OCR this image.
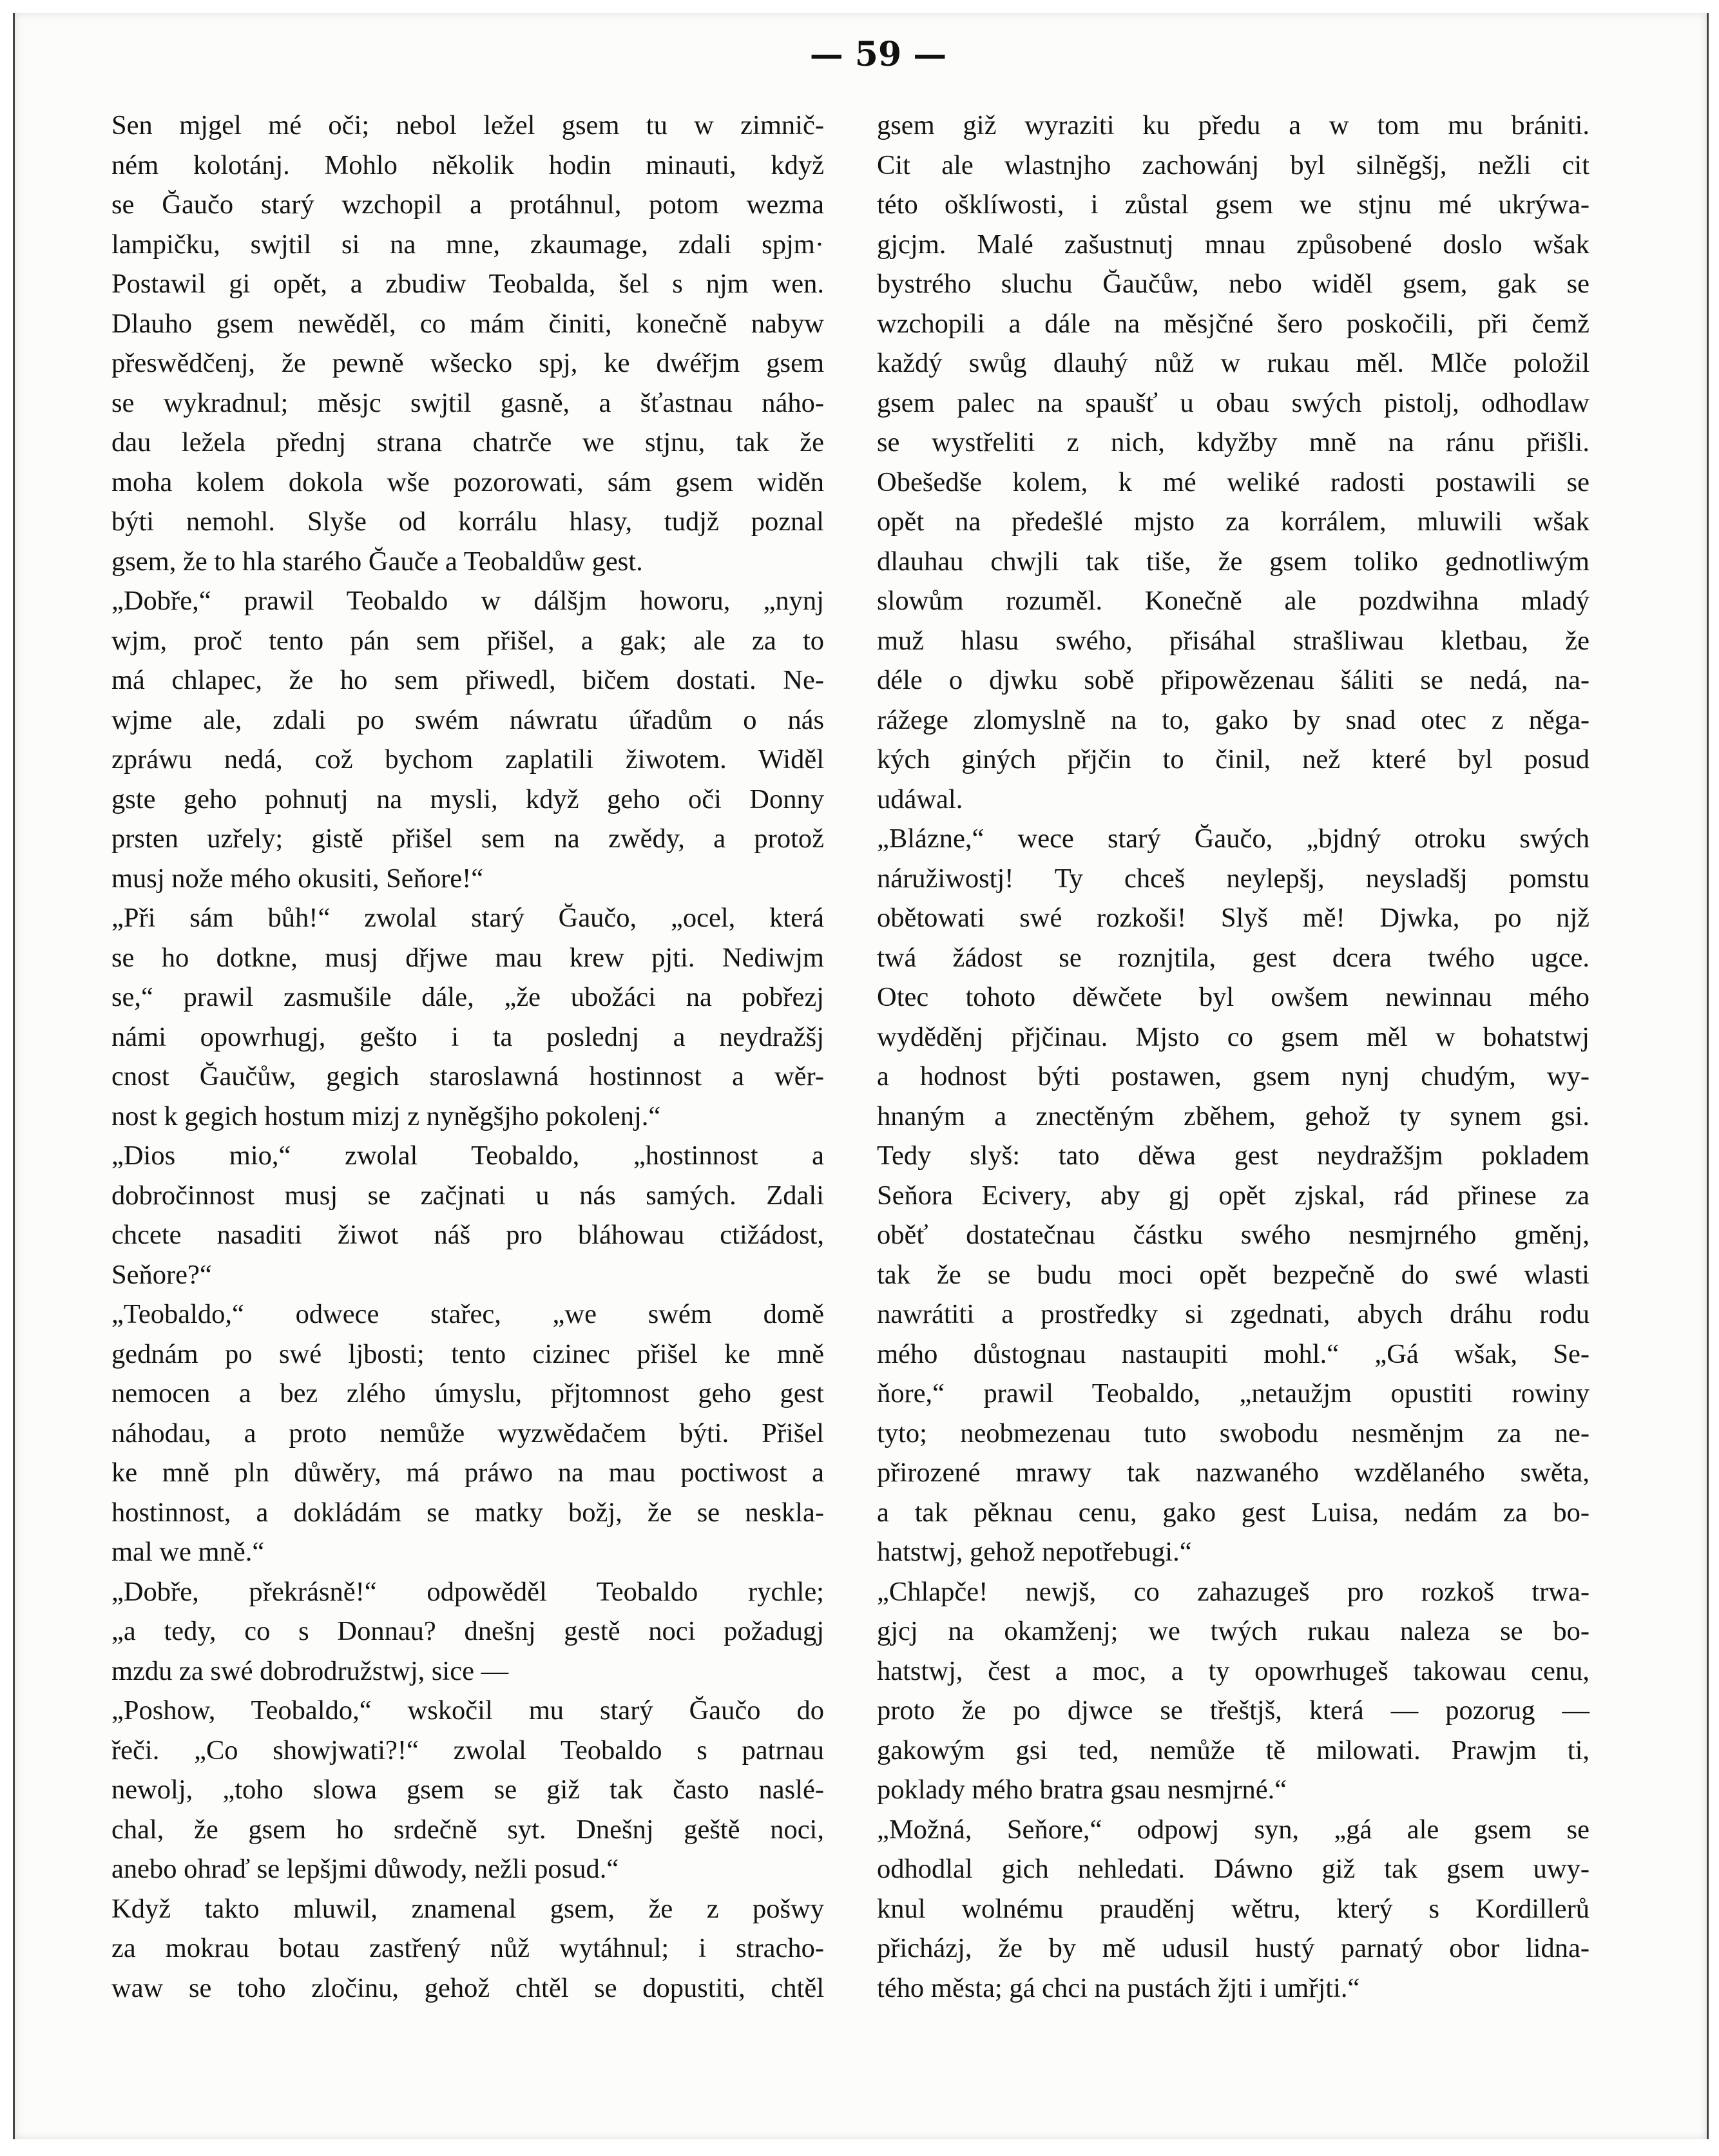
— 59 —
Sen mjgel mé oči; nebol ležel gsem tu w zimnič-
ném kolotánj. Mohlo několik hodin minauti, když
se Ğaučo starý wzchopil a protáhnul, potom wezma
lampičku, swjtil si na mne, zkaumage, zdali spjm·
Postawil gi opět, a zbudiw Teobalda, šel s njm wen.
Dlauho gsem newěděl, co mám činiti, konečně nabyw
přeswědčenj, že pewně wšecko spj, ke dwéřjm gsem
se wykradnul; měsjc swjtil gasně, a šťastnau náho-
dau ležela přednj strana chatrče we stjnu, tak že
moha kolem dokola wše pozorowati, sám gsem widěn
býti nemohl. Slyše od korrálu hlasy, tudjž poznal
gsem, že to hla starého Ğauče a Teobaldůw gest.
„Dobře,“ prawil Teobaldo w dálšjm howoru, „nynj
wjm, proč tento pán sem přišel, a gak; ale za to
má chlapec, že ho sem přiwedl, bičem dostati. Ne-
wjme ale, zdali po swém náwratu úřadům o nás
zpráwu nedá, což bychom zaplatili žiwotem. Widěl
gste geho pohnutj na mysli, když geho oči Donny
prsten uzřely; gistě přišel sem na zwědy, a protož
musj nože mého okusiti, Seňore!“
„Při sám bůh!“ zwolal starý Ğaučo, „ocel, která
se ho dotkne, musj dřjwe mau krew pjti. Nediwjm
se,“ prawil zasmušile dále, „že ubožáci na pobřezj
námi opowrhugj, gešto i ta poslednj a neydražšj
cnost Ğaučůw, gegich staroslawná hostinnost a wěr-
nost k gegich hostum mizj z nyněgšjho pokolenj.“
„Dios mio,“ zwolal Teobaldo, „hostinnost a
dobročinnost musj se začjnati u nás samých. Zdali
chcete nasaditi žiwot náš pro bláhowau ctižádost,
Seňore?“
„Teobaldo,“ odwece stařec, „we swém domě
gednám po swé ljbosti; tento cizinec přišel ke mně
nemocen a bez zlého úmyslu, přjtomnost geho gest
náhodau, a proto nemůže wyzwědačem býti. Přišel
ke mně pln důwěry, má práwo na mau poctiwost a
hostinnost, a dokládám se matky božj, že se neskla-
mal we mně.“
„Dobře, překrásně!“ odpowěděl Teobaldo rychle;
„a tedy, co s Donnau? dnešnj gestě noci požadugj
mzdu za swé dobrodružstwj, sice —
„Poshow, Teobaldo,“ wskočil mu starý Ğaučo do
řeči. „Co showjwati?!“ zwolal Teobaldo s patrnau
newolj, „toho slowa gsem se giž tak často naslé-
chal, že gsem ho srdečně syt. Dnešnj geště noci,
anebo ohraď se lepšjmi důwody, nežli posud.“
Když takto mluwil, znamenal gsem, že z pošwy
za mokrau botau zastřený nůž wytáhnul; i stracho-
waw se toho zločinu, gehož chtěl se dopustiti, chtěl
gsem giž wyraziti ku předu a w tom mu brániti.
Cit ale wlastnjho zachowánj byl silněgšj, nežli cit
této ošklíwosti, i zůstal gsem we stjnu mé ukrýwa-
gjcjm. Malé zašustnutj mnau způsobené doslo wšak
bystrého sluchu Ğaučůw, nebo widěl gsem, gak se
wzchopili a dále na měsjčné šero poskočili, při čemž
každý swůg dlauhý nůž w rukau měl. Mlče položil
gsem palec na spaušť u obau swých pistolj, odhodlaw
se wystřeliti z nich, kdyžby mně na ránu přišli.
Obešedše kolem, k mé weliké radosti postawili se
opět na předešlé mjsto za korrálem, mluwili wšak
dlauhau chwjli tak tiše, že gsem toliko gednotliwým
slowům rozuměl. Konečně ale pozdwihna mladý
muž hlasu swého, přisáhal strašliwau kletbau, že
déle o djwku sobě připowězenau šáliti se nedá, na-
rážege zlomyslně na to, gako by snad otec z něga-
kých giných přjčin to činil, než které byl posud
udáwal.
„Blázne,“ wece starý Ğaučo, „bjdný otroku swých
náružiwostj! Ty chceš neylepšj, neysladšj pomstu
obětowati swé rozkoši! Slyš mě! Djwka, po njž
twá žádost se roznjtila, gest dcera twého ugce.
Otec tohoto děwčete byl owšem newinnau mého
wyděděnj přjčinau. Mjsto co gsem měl w bohatstwj
a hodnost býti postawen, gsem nynj chudým, wy-
hnaným a znectěným zběhem, gehož ty synem gsi.
Tedy slyš: tato děwa gest neydražšjm pokladem
Seňora Ecivery, aby gj opět zjskal, rád přinese za
oběť dostatečnau částku swého nesmjrného gměnj,
tak že se budu moci opět bezpečně do swé wlasti
nawrátiti a prostředky si zgednati, abych dráhu rodu
mého důstognau nastaupiti mohl.“ „Gá wšak, Se-
ňore,“ prawil Teobaldo, „netaužjm opustiti rowiny
tyto; neobmezenau tuto swobodu nesměnjm za ne-
přirozené mrawy tak nazwaného wzdělaného swěta,
a tak pěknau cenu, gako gest Luisa, nedám za bo-
hatstwj, gehož nepotřebugi.“
„Chlapče! newjš, co zahazugeš pro rozkoš trwa-
gjcj na okamženj; we twých rukau naleza se bo-
hatstwj, čest a moc, a ty opowrhugeš takowau cenu,
proto že po djwce se třeštjš, která — pozorug —
gakowým gsi ted, nemůže tě milowati. Prawjm ti,
poklady mého bratra gsau nesmjrné.“
„Možná, Seňore,“ odpowj syn, „gá ale gsem se
odhodlal gich nehledati. Dáwno giž tak gsem uwy-
knul wolnému prauděnj wětru, který s Kordillerů
přicházj, že by mě udusil hustý parnatý obor lidna-
tého města; gá chci na pustách žjti i umřjti.“
